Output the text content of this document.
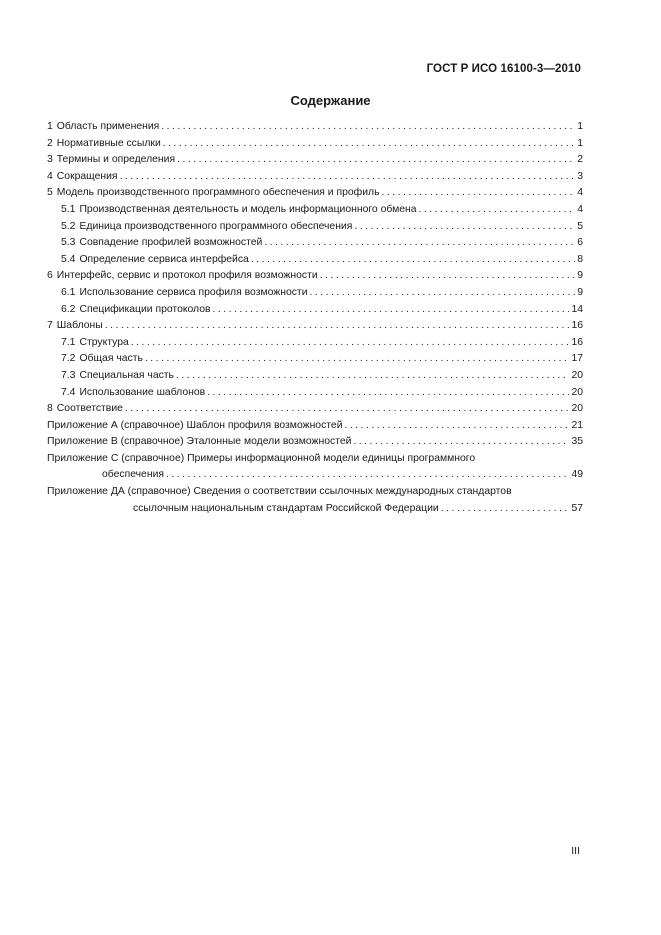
ГОСТ Р ИСО 16100-3—2010
Содержание
1 Область применения . . .	1
2 Нормативные ссылки . . .	1
3 Термины и определения . . .	2
4 Сокращения . . .	3
5 Модель производственного программного обеспечения и профиль . . .	4
5.1 Производственная деятельность и модель информационного обмена . . .	4
5.2 Единица производственного программного обеспечения . . .	5
5.3 Совпадение профилей возможностей . . .	6
5.4 Определение сервиса интерфейса . . .	8
6 Интерфейс, сервис и протокол профиля возможности . . .	9
6.1 Использование сервиса профиля возможности . . .	9
6.2 Спецификации протоколов . . .	14
7 Шаблоны . . .	16
7.1 Структура . . .	16
7.2 Общая часть . . .	17
7.3 Специальная часть . . .	20
7.4 Использование шаблонов . . .	20
8 Соответствие . . .	20
Приложение А (справочное) Шаблон профиля возможностей . . .	21
Приложение В (справочное) Эталонные модели возможностей . . .	35
Приложение С (справочное) Примеры информационной модели единицы программного
обеспечения . . .	49
Приложение ДА (справочное) Сведения о соответствии ссылочных международных стандартов
ссылочным национальным стандартам Российской Федерации . . .	57
III
